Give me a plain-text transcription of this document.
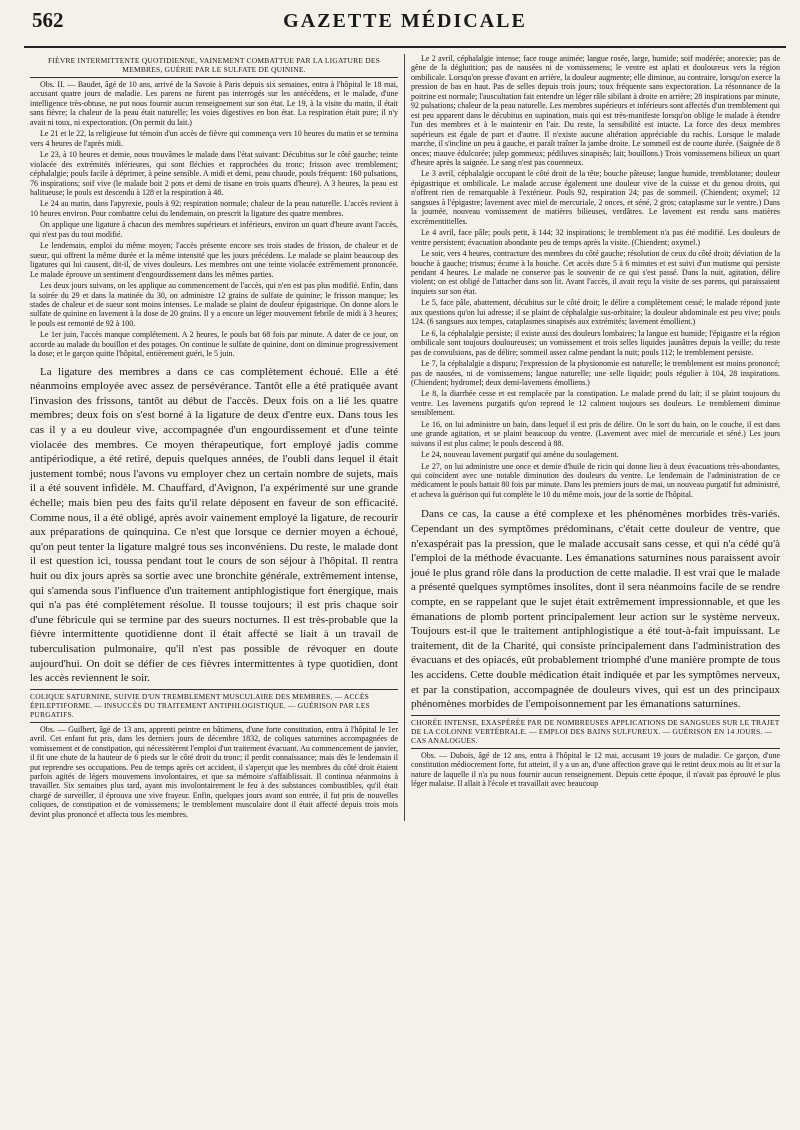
562	GAZETTE MÉDICALE
FIÈVRE INTERMITTENTE QUOTIDIENNE, VAINEMENT COMBATTUE PAR LA LIGATURE DES MEMBRES, GUÉRIE PAR LE SULFATE DE QUININE.

Obs. II. — Baudet, âgé de 10 ans, arrivé de la Savoie à Paris depuis six semaines, entra à l'hôpital le 18 mai, accusant quatre jours de maladie. Les parens ne furent pas interrogés sur les antécédens, et le malade, d'une intelligence très-obtuse, ne put nous fournir aucun renseignement sur son état. Le 19, à la visite du matin, il était sans fièvre; la chaleur de la peau était naturelle; les voies digestives en bon état. La respiration était pure; il n'y avait ni toux, ni expectoration. (On permit du lait.)

Le 21 et le 22, la religieuse fut témoin d'un accès de fièvre qui commença vers 10 heures du matin et se termina vers 4 heures de l'après midi.

Le 23, à 10 heures et demie, nous trouvâmes le malade dans l'état suivant: Décubitus sur le côté gauche; teinte violacée des extrémités inférieures, qui sont fléchies et rapprochées du tronc; frisson avec tremblement; céphalalgie; pouls facile à déprimer, à peine sensible. A midi et demi, peau chaude, pouls fréquent: 160 pulsations, 76 inspirations; soif vive (le malade boit 2 pots et demi de tisane en trois quarts d'heure). A 3 heures, la peau est halitueuse; le pouls est descendu à 128 et la respiration à 48.

Le 24 au matin, dans l'apyrexie, pouls à 92; respiration normale; chaleur de la peau naturelle. L'accès revient à 10 heures environ. Pour combattre celui du lendemain, on prescrit la ligature des quatre membres.

On applique une ligature à chacun des membres supérieurs et inférieurs, environ un quart d'heure avant l'accès, qui n'est pas du tout modifié.

Le lendemain, emploi du même moyen; l'accès présente encore ses trois stades de frisson, de chaleur et de sueur, qui offrent la même durée et la même intensité que les jours précédens. Le malade se plaint beaucoup des ligatures qui lui causent, dit-il, de vives douleurs. Les membres ont une teinte violacée extrêmement prononcée. Le malade éprouve un sentiment d'engourdissement dans les mêmes parties.

Les deux jours suivans, on les applique au commencement de l'accès, qui n'en est pas plus modifié. Enfin, dans la soirée du 29 et dans la matinée du 30, on administre 12 grains de sulfate de quinine; le frisson manque; les stades de chaleur et de sueur sont moins intenses. Le malade se plaint de douleur épigastrique. On donne alors le sulfate de quinine en lavement à la dose de 20 grains. Il y a encore un léger mouvement febrile de midi à 3 heures; le pouls est remonté de 92 à 100.

Le 1er juin, l'accès manque complétement. A 2 heures, le pouls bat 68 fois par minute. A dater de ce jour, on accorde au malade du bouillon et des potages. On continue le sulfate de quinine, dont on diminue progressivement la dose; et le garçon quitte l'hôpital, entièrement guéri, le 5 juin.

La ligature des membres a dans ce cas complètement échoué. Elle a été néanmoins employée avec assez de persévérance. Tantôt elle a été pratiquée avant l'invasion des frissons, tantôt au début de l'accès. Deux fois on a lié les quatre membres; deux fois on s'est borné à la ligature de deux d'entre eux. Dans tous les cas il y a eu douleur vive, accompagnée d'un engourdissement et d'une teinte violacée des membres. Ce moyen thérapeutique, fort employé jadis comme antipériodique, a été retiré, depuis quelques années, de l'oubli dans lequel il était justement tombé; nous l'avons vu employer chez un certain nombre de sujets, mais il a été souvent infidèle. M. Chauffard, d'Avignon, l'a expérimenté sur une grande échelle; mais bien peu des faits qu'il relate déposent en faveur de son efficacité. Comme nous, il a été obligé, après avoir vainement employé la ligature, de recourir aux préparations de quinquina. Ce n'est que lorsque ce dernier moyen a échoué, qu'on peut tenter la ligature malgré tous ses inconvéniens. Du reste, le malade dont il est question ici, toussa pendant tout le cours de son séjour à l'hôpital. Il rentra huit ou dix jours après sa sortie avec une bronchite générale, extrêmement intense, qui s'amenda sous l'influence d'un traitement antiphlogistique fort énergique, mais qui n'a pas été complètement résolue. Il tousse toujours; il est pris chaque soir d'une fébricule qui se termine par des sueurs nocturnes. Il est très-probable que la fièvre intermittente quotidienne dont il était affecté se liait à un travail de tuberculisation pulmonaire, qu'il n'est pas possible de révoquer en doute aujourd'hui. On doit se défier de ces fièvres intermittentes à type quotidien, dont les accès reviennent le soir.

COLIQUE SATURNINE, SUIVIE D'UN TREMBLEMENT MUSCULAIRE DES MEMBRES. — ACCÈS ÉPILEPTIFORME. — INSUCCÈS DU TRAITEMENT ANTIPHLOGISTIQUE. — GUÉRISON PAR LES PURGATIFS.

Obs. — Guilbert, âgé de 13 ans, apprenti peintre en bâtimens, d'une forte constitution, entra à l'hôpital le 1er avril. Cet enfant fut pris, dans les derniers jours de décembre 1832, de coliques saturnines accompagnées de vomissement et de constipation, qui nécessitèrent l'emploi d'un traitement évacuant. Au commencement de janvier, il fit une chute de la hauteur de 6 pieds sur le côté droit du tronc; il perdit connaissance; mais dès le lendemain il put reprendre ses occupations. Peu de temps après cet accident, il s'aperçut que les membres du côté droit étaient parfois agités de légers mouvemens involontaires, et que sa mémoire s'affaiblissait. Il continua néanmoins à travailler. Six semaines plus tard, ayant mis involontairement le feu à des substances combustibles, qu'il était chargé de surveiller, il éprouva une vive frayeur. Enfin, quelques jours avant son entrée, il fut pris de nouvelles coliques, de constipation et de vomissemens; le tremblement musculaire dont il était affecté depuis trois mois devint plus prononcé et affecta tous les membres.

Le 2 avril, céphalalgie intense; face rouge animée; langue rosée, large, humide; soif modérée; anorexie; pas de gêne de la déglutition; pas de nausées ni de vomissemens; le ventre est aplati et douloureux vers la région ombilicale. Lorsqu'on presse d'avant en arrière, la douleur augmente; elle diminue, au contraire, lorsqu'on exerce la pression de bas en haut. Pas de selles depuis trois jours; toux fréquente sans expectoration. La résonnance de la poitrine est normale; l'auscultation fait entendre un léger râle sibilant à droite en arrière; 28 inspirations par minute, 92 pulsations; chaleur de la peau naturelle. Les membres supérieurs et inférieurs sont affectés d'un tremblement qui est peu apparent dans le décubitus en supination, mais qui est très-manifeste lorsqu'on oblige le malade à étendre l'un des membres et à le maintenir en l'air. Du reste, la sensibilité est intacte. La force des deux membres supérieurs est égale de part et d'autre. Il n'existe aucune altération appréciable du rachis. Lorsque le malade marche, il s'incline un peu à gauche, et paraît traîner la jambe droite. Le sommeil est de courte durée. (Saignée de 8 onces; mauve édulcorée; julep gommeux; pédiluves sinapisés; lait; bouillons.) Trois vomissemens bilieux un quart d'heure après la saignée. Le sang n'est pas couenneux.

Le 3 avril, céphalalgie occupant le côté droit de la tête; bouche pâteuse; langue humide, tremblotante; douleur épigastrique et ombilicale. Le malade accuse également une douleur vive de la cuisse et du genou droits, qui n'offrent rien de remarquable à l'extérieur. Pouls 92, respiration 24; pas de sommeil. (Chiendent; oxymel; 12 sangsues à l'épigastre; lavement avec miel de mercuriale, 2 onces, et séné, 2 gros; cataplasme sur le ventre.) Dans la journée, nouveau vomissement de matières bilieuses, verdâtres. Le lavement est rendu sans matières excrémentitielles.

Le 4 avril, face pâle; pouls petit, à 144; 32 inspirations; le tremblement n'a pas été modifié. Les douleurs de ventre persistent; évacuation abondante peu de temps après la visite. (Chiendent; oxymel.)

Le soir, vers 4 heures, contracture des membres du côté gauche; résolution de ceux du côté droit; déviation de la bouche à gauche; trismus; écume à la bouche. Cet accès dure 5 à 6 minutes et est suivi d'un mutisme qui persiste pendant 4 heures. Le malade ne conserve pas le souvenir de ce qui s'est passé. Dans la nuit, agitation, délire violent; on est obligé de l'attacher dans son lit. Avant l'accès, il avait reçu la visite de ses parens, qui paraissaient inquiets sur son état.

Le 5, face pâle, abattement, décubitus sur le côté droit; le délire a complètement cessé; le malade répond juste aux questions qu'on lui adresse; il se plaint de céphalalgie sus-orbitaire; la douleur abdominale est peu vive; pouls 124. (6 sangsues aux tempes, cataplasmes sinapisés aux extrémités; lavement émollient.)

Le 6, la céphalalgie persiste; il existe aussi des douleurs lombaires; la langue est humide; l'épigastre et la région ombilicale sont toujours douloureuses; un vomissement et trois selles liquides jaunâtres depuis la veille; du reste pas de convulsions, pas de délire; sommeil assez calme pendant la nuit; pouls 112; le tremblement persiste.

Le 7, la céphalalgie a disparu; l'expression de la physionomie est naturelle; le tremblement est moins prononcé; pas de nausées, ni de vomissemens; langue naturelle; une selle liquide; pouls régulier à 104, 28 inspirations. (Chiendent; hydromel; deux demi-lavemens émolliens.)

Le 8, la diarrhée cesse et est remplacée par la constipation. Le malade prend du lait; il se plaint toujours du ventre. Les lavemens purgatifs qu'on reprend le 12 calment toujours ses douleurs. Le tremblement diminue sensiblement.

Le 16, on lui administre un bain, dans lequel il est pris de délire. On le sort du bain, on le couche, il est dans une grande agitation, et se plaint beaucoup du ventre. (Lavement avec miel de mercuriale et séné.) Les jours suivans il est plus calme; le pouls descend à 88.

Le 24, nouveau lavement purgatif qui amène du soulagement.

Le 27, on lui administre une once et demie d'huile de ricin qui donne lieu à deux évacuations très-abondantes, qui coïncident avec une notable diminution des douleurs du ventre. Le lendemain de l'administration de ce médicament le pouls battait 80 fois par minute. Dans les premiers jours de mai, un nouveau purgatif fut administré, et acheva la guérison qui fut complète le 10 du même mois, jour de la sortie de l'hôpital.

Dans ce cas, la cause a été complexe et les phénomènes morbides très-variés. Cependant un des symptômes prédominans, c'était cette douleur de ventre, que n'exaspérait pas la pression, que le malade accusait sans cesse, et qui n'a cédé qu'à l'emploi de la méthode évacuante. Les émanations saturnines nous paraissent avoir joué le plus grand rôle dans la production de cette maladie. Il est vrai que le malade a présenté quelques symptômes insolites, dont il sera néanmoins facile de se rendre compte, en se rappelant que le sujet était extrêmement impressionnable, et que les émanations de plomb portent principalement leur action sur le système nerveux. Toujours est-il que le traitement antiphlogistique a été tout-à-fait impuissant. Le traitement, dit de la Charité, qui consiste principalement dans l'administration des évacuans et des opiacés, eût probablement triomphé d'une manière prompte de tous les accidens. Cette double médication était indiquée et par les symptômes nerveux, et par la constipation, accompagnée de douleurs vives, qui est un des principaux phénomènes morbides de l'empoisonnement par les émanations saturnines.

CHORÉE INTENSE, EXASPÉRÉE PAR DE NOMBREUSES APPLICATIONS DE SANGSUES SUR LE TRAJET DE LA COLONNE VERTÉBRALE. — EMPLOI DES BAINS SULFUREUX. — GUÉRISON EN 14 JOURS. — CAS ANALOGUES.

Obs. — Dubois, âgé de 12 ans, entra à l'hôpital le 12 mai, accusant 19 jours de maladie. Ce garçon, d'une constitution médiocrement forte, fut atteint, il y a un an, d'une affection grave qui le retint deux mois au lit et sur la nature de laquelle il n'a pu nous fournir aucun renseignement. Depuis cette époque, il n'avait pas éprouvé le plus léger malaise. Il allait à l'école et travaillait avec beaucoup
